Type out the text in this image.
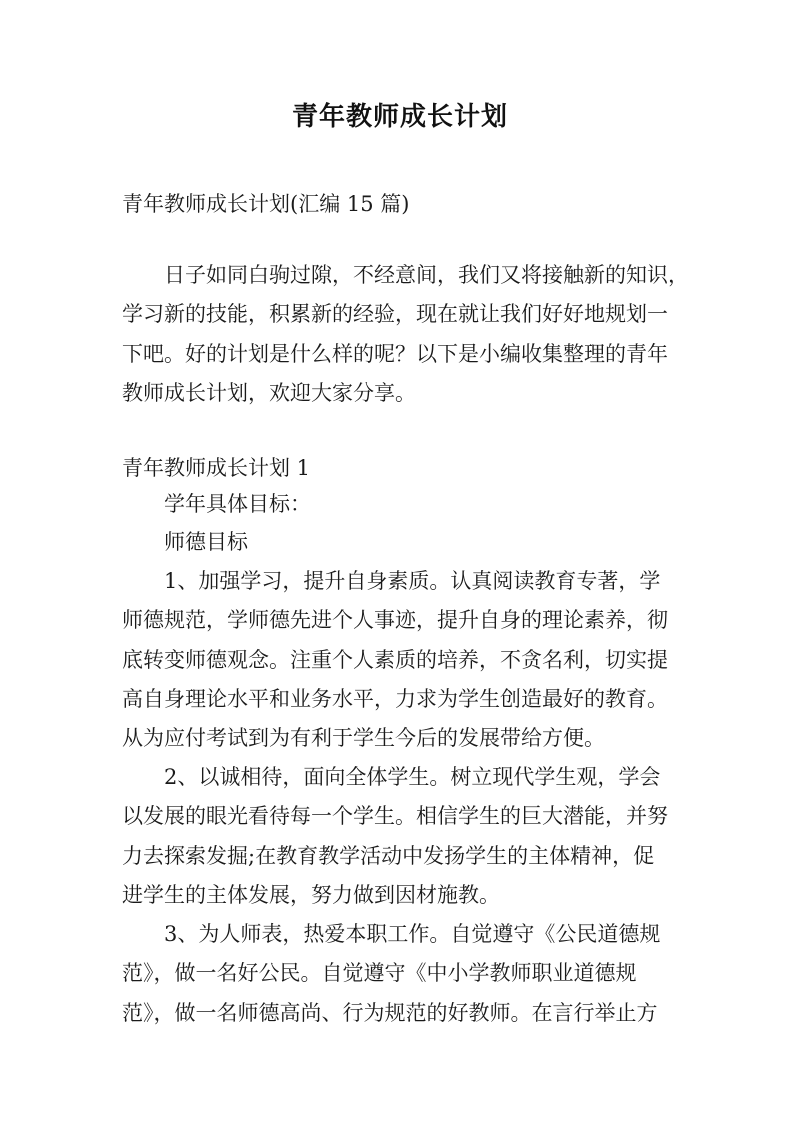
青年教师成长计划

青年教师成长计划(汇编 15 篇)

日子如同白驹过隙，不经意间，我们又将接触新的知识，
学习新的技能，积累新的经验，现在就让我们好好地规划一
下吧。好的计划是什么样的呢？以下是小编收集整理的青年
教师成长计划，欢迎大家分享。

青年教师成长计划 1

学年具体目标：

师德目标

1、加强学习，提升自身素质。认真阅读教育专著，学
师德规范，学师德先进个人事迹，提升自身的理论素养，彻
底转变师德观念。注重个人素质的培养，不贪名利，切实提
高自身理论水平和业务水平，力求为学生创造最好的教育。
从为应付考试到为有利于学生今后的发展带给方便。
2、以诚相待，面向全体学生。树立现代学生观，学会
以发展的眼光看待每一个学生。相信学生的巨大潜能，并努
力去探索发掘;在教育教学活动中发扬学生的主体精神，促
进学生的主体发展，努力做到因材施教。
3、为人师表，热爱本职工作。自觉遵守《公民道德规
范》，做一名好公民。自觉遵守《中小学教师职业道德规
范》，做一名师德高尚、行为规范的好教师。在言行举止方
